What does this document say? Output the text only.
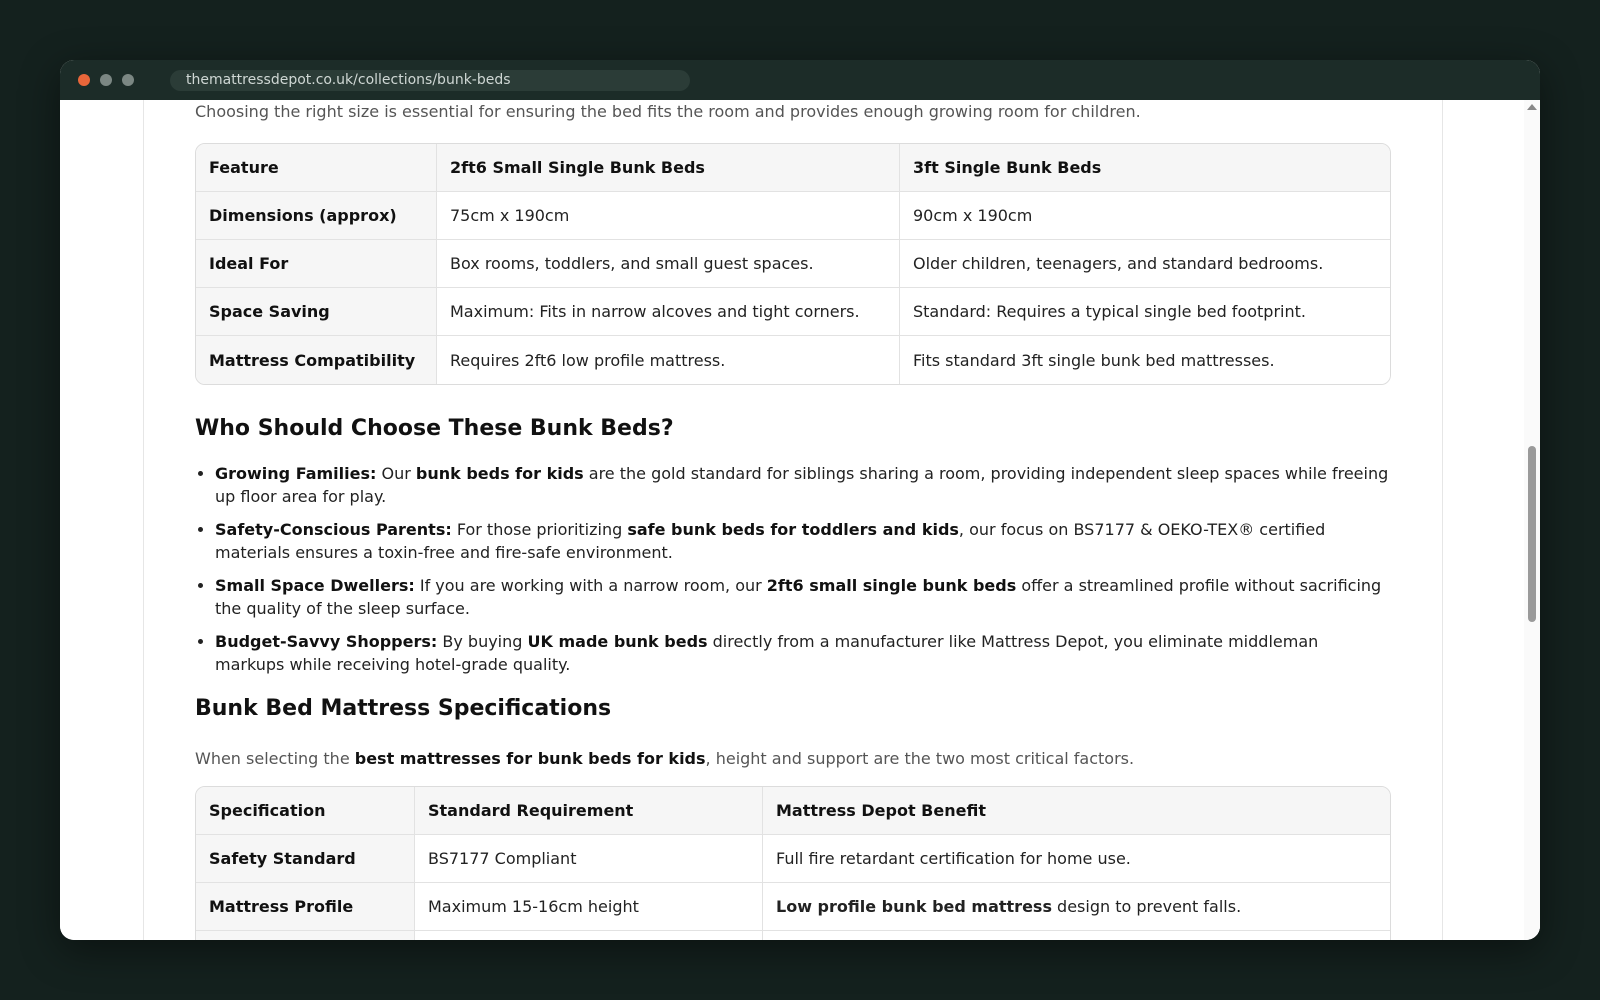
themattressdepot.co.uk/collections/bunk-beds

Choosing the right size is essential for ensuring the bed fits the room and provides enough growing room for children.

Feature	2ft6 Small Single Bunk Beds	3ft Single Bunk Beds
Dimensions (approx)	75cm x 190cm	90cm x 190cm
Ideal For	Box rooms, toddlers, and small guest spaces.	Older children, teenagers, and standard bedrooms.
Space Saving	Maximum: Fits in narrow alcoves and tight corners.	Standard: Requires a typical single bed footprint.
Mattress Compatibility	Requires 2ft6 low profile mattress.	Fits standard 3ft single bunk bed mattresses.
Who Should Choose These Bunk Beds?
• Growing Families: Our bunk beds for kids are the gold standard for siblings sharing a room, providing independent sleep spaces while freeing up floor area for play.
• Safety-Conscious Parents: For those prioritizing safe bunk beds for toddlers and kids, our focus on BS7177 & OEKO-TEX® certified materials ensures a toxin-free and fire-safe environment.
• Small Space Dwellers: If you are working with a narrow room, our 2ft6 small single bunk beds offer a streamlined profile without sacrificing the quality of the sleep surface.
• Budget-Savvy Shoppers: By buying UK made bunk beds directly from a manufacturer like Mattress Depot, you eliminate middleman markups while receiving hotel-grade quality.
Bunk Bed Mattress Specifications

When selecting the best mattresses for bunk beds for kids, height and support are the two most critical factors.

Specification	Standard Requirement	Mattress Depot Benefit
Safety Standard	BS7177 Compliant	Full fire retardant certification for home use.
Mattress Profile	Maximum 15-16cm height	Low profile bunk bed mattress design to prevent falls.
